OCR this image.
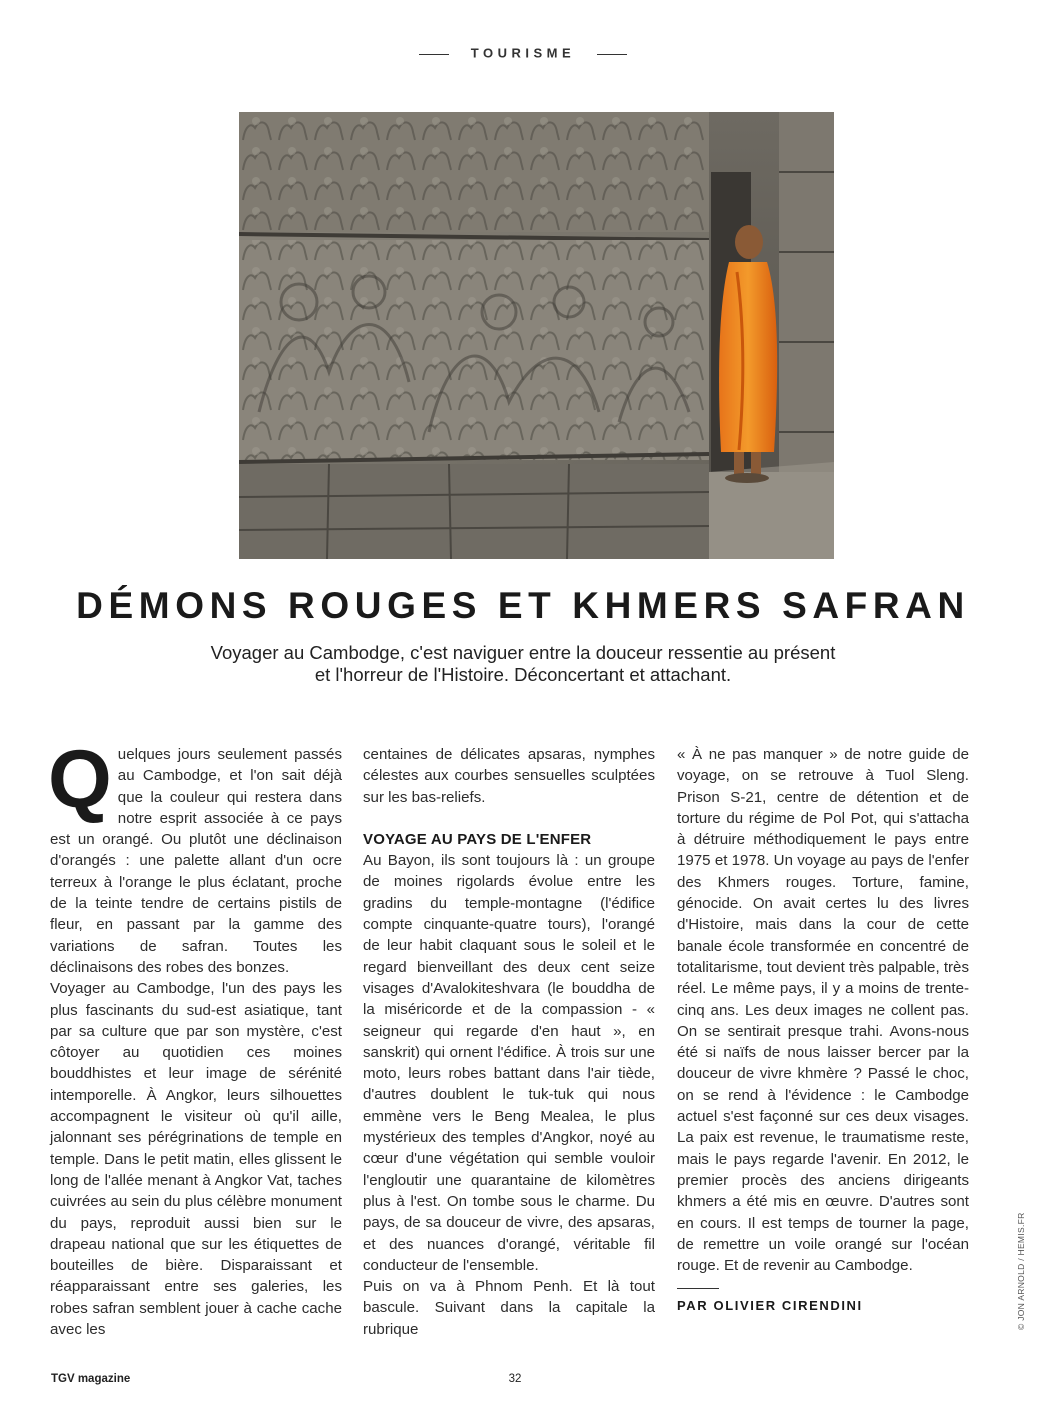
TOURISME
DÉMONS ROUGES ET KHMERS SAFRAN
Voyager au Cambodge, c'est naviguer entre la douceur ressentie au présent
et l'horreur de l'Histoire. Déconcertant et attachant.

Quelques jours seulement passés au Cambodge, et l'on sait déjà que la couleur qui restera dans notre esprit associée à ce pays est un orangé. Ou plutôt une déclinaison d'orangés : une palette allant d'un ocre terreux à l'orange le plus éclatant, proche de la teinte tendre de certains pistils de fleur, en passant par la gamme des variations de safran. Toutes les déclinaisons des robes des bonzes.

Voyager au Cambodge, l'un des pays les plus fascinants du sud-est asiatique, tant par sa culture que par son mystère, c'est côtoyer au quotidien ces moines bouddhistes et leur image de sérénité intemporelle. À Angkor, leurs silhouettes accompagnent le visiteur où qu'il aille, jalonnant ses pérégrinations de temple en temple. Dans le petit matin, elles glissent le long de l'allée menant à Angkor Vat, taches cuivrées au sein du plus célèbre monument du pays, reproduit aussi bien sur le drapeau national que sur les étiquettes de bouteilles de bière. Disparaissant et réapparaissant entre ses galeries, les robes safran semblent jouer à cache cache avec les

centaines de délicates apsaras, nymphes célestes aux courbes sensuelles sculptées sur les bas-reliefs.

VOYAGE AU PAYS DE L'ENFER

Au Bayon, ils sont toujours là : un groupe de moines rigolards évolue entre les gradins du temple-montagne (l'édifice compte cinquante-quatre tours), l'orangé de leur habit claquant sous le soleil et le regard bienveillant des deux cent seize visages d'Avalokiteshvara (le bouddha de la miséricorde et de la compassion - « seigneur qui regarde d'en haut », en sanskrit) qui ornent l'édifice. À trois sur une moto, leurs robes battant dans l'air tiède, d'autres doublent le tuk-tuk qui nous emmène vers le Beng Mealea, le plus mystérieux des temples d'Angkor, noyé au cœur d'une végétation qui semble vouloir l'engloutir une quarantaine de kilomètres plus à l'est. On tombe sous le charme. Du pays, de sa douceur de vivre, des apsaras, et des nuances d'orangé, véritable fil conducteur de l'ensemble.

Puis on va à Phnom Penh. Et là tout bascule. Suivant dans la capitale la rubrique

« À ne pas manquer » de notre guide de voyage, on se retrouve à Tuol Sleng. Prison S-21, centre de détention et de torture du régime de Pol Pot, qui s'attacha à détruire méthodiquement le pays entre 1975 et 1978. Un voyage au pays de l'enfer des Khmers rouges. Torture, famine, génocide. On avait certes lu des livres d'Histoire, mais dans la cour de cette banale école transformée en concentré de totalitarisme, tout devient très palpable, très réel. Le même pays, il y a moins de trente-cinq ans. Les deux images ne collent pas. On se sentirait presque trahi. Avons-nous été si naïfs de nous laisser bercer par la douceur de vivre khmère ? Passé le choc, on se rend à l'évidence : le Cambodge actuel s'est façonné sur ces deux visages. La paix est revenue, le traumatisme reste, mais le pays regarde l'avenir. En 2012, le premier procès des anciens dirigeants khmers a été mis en œuvre. D'autres sont en cours. Il est temps de tourner la page, de remettre un voile orangé sur l'océan rouge. Et de revenir au Cambodge.

PAR OLIVIER CIRENDINI	© JON ARNOLD / HEMIS.FR
TGV magazine	32
